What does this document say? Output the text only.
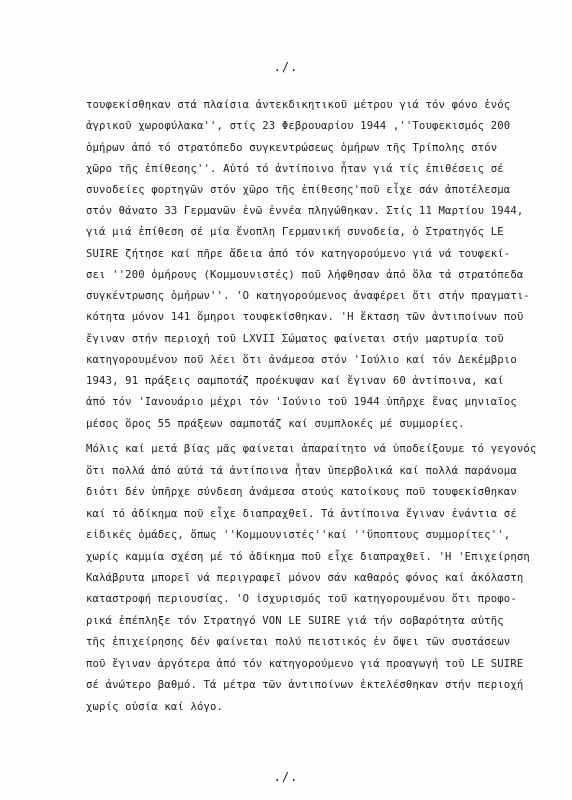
./.
τουφεκίσθηκαν στά πλαίσια ἀντεκδικητικοῦ μέτρου γιά τόν φόνο ἑνός
ἀγρικοῦ χωροφύλακα'', στίς 23 Φεβρουαρίου 1944 ,''Τουφεκισμός 200
ὁμήρων ἀπό τό στρατόπεδο συγκεντρώσεως ὁμήρων τῆς Τρίπολης στόν
χῶρο τῆς ἐπίθεσης''. Αὐτό τό ἀντίποινο ἦταν γιά τίς ἐπιθέσεις σέ
συνοδείες φορτηγῶν στόν χῶρο τῆς ἐπίθεσης'ποῦ εἶχε σάν ἀποτέλεσμα
στόν θάνατο 33 Γερμανῶν ἐνῶ ἐννέα πληγώθηκαν. Στίς 11 Μαρτίου 1944,
γιά μιά ἐπίθεση σέ μία ἔνοπλη Γερμανική συνοδεία, ὁ Στρατηγός LE
SUIRE ζήτησε καί πῆρε ἄδεια ἀπό τόν κατηγορούμενο γιά νά τουφεκί-
σει ''200 ὁμήρους (Κομμουνιστές) ποῦ λήφθησαν ἀπό ὅλα τά στρατόπεδα
συγκέντρωσης ὁμήρων''. 'Ο κατηγορούμενος ἀναφέρει ὅτι στήν πραγματι-
κότητα μόνον 141 ὅμηροι τουφεκίσθηκαν. 'Η ἔκταση τῶν ἀντιποίνων ποῦ
ἔγιναν στήν περιοχή τοῦ LXVII Σώματος φαίνεται στήν μαρτυρία τοῦ
κατηγορουμένου ποῦ λέει ὅτι ἀνάμεσα στόν 'Ιούλιο καί τόν Δεκέμβριο
1943, 91 πράξεις σαμποτάζ προέκυψαν καί ἔγιναν 60 ἀντίποινα, καί
ἀπό τόν 'Ιανουάριο μέχρι τόν 'Ιούνιο τοῦ 1944 ὑπῆρχε ἕνας μηνιαῖος
μέσος ὅρος 55 πράξεων σαμποτάζ καί συμπλοκές μέ συμμορίες.
Μόλις καί μετά βίας μᾶς φαίνεται ἀπαραίτητο νά ὑποδείξουμε τό γεγονός
ὅτι πολλά ἀπό αὐτά τά ἀντίποινα ἦταν ὑπερβολικά καί πολλά παράνομα
διότι δέν ὑπῆρχε σύνδεση ἀνάμεσα στούς κατοίκους ποῦ τουφεκίσθηκαν
καί τό ἀδίκημα ποῦ εἶχε διαπραχθεῖ. Τά ἀντίποινα ἔγιναν ἐνάντια σέ
εἰδικές ὁμάδες, ὅπως ''Κομμουνιστές''καί ''ὕποπτους συμμορίτες'',
χωρίς καμμία σχέση μέ τό ἀδίκημα ποῦ εἶχε διαπραχθεῖ. 'Η 'Επιχείρηση
Καλάβρυτα μπορεῖ νά περιγραφεῖ μόνον σάν καθαρός φόνος καί ἀκόλαστη
καταστροφή περιουσίας. 'Ο ἰσχυρισμός τοῦ κατηγορουμένου ὅτι προφο-
ρικά ἐπέπληξε τόν Στρατηγό VON LE SUIRE γιά τήν σοβαρότητα αὐτῆς
τῆς ἐπιχείρησης δέν φαίνεται πολύ πειστικός ἐν ὄψει τῶν συστάσεων
ποῦ ἔγιναν ἀργότερα ἀπό τόν κατηγορούμενο γιά προαγωγή τοῦ LE SUIRE
σέ ἀνώτερο βαθμό. Τά μέτρα τῶν ἀντιποίνων ἐκτελέσθηκαν στήν περιοχή
χωρίς οὐσία καί λόγο.
./.
